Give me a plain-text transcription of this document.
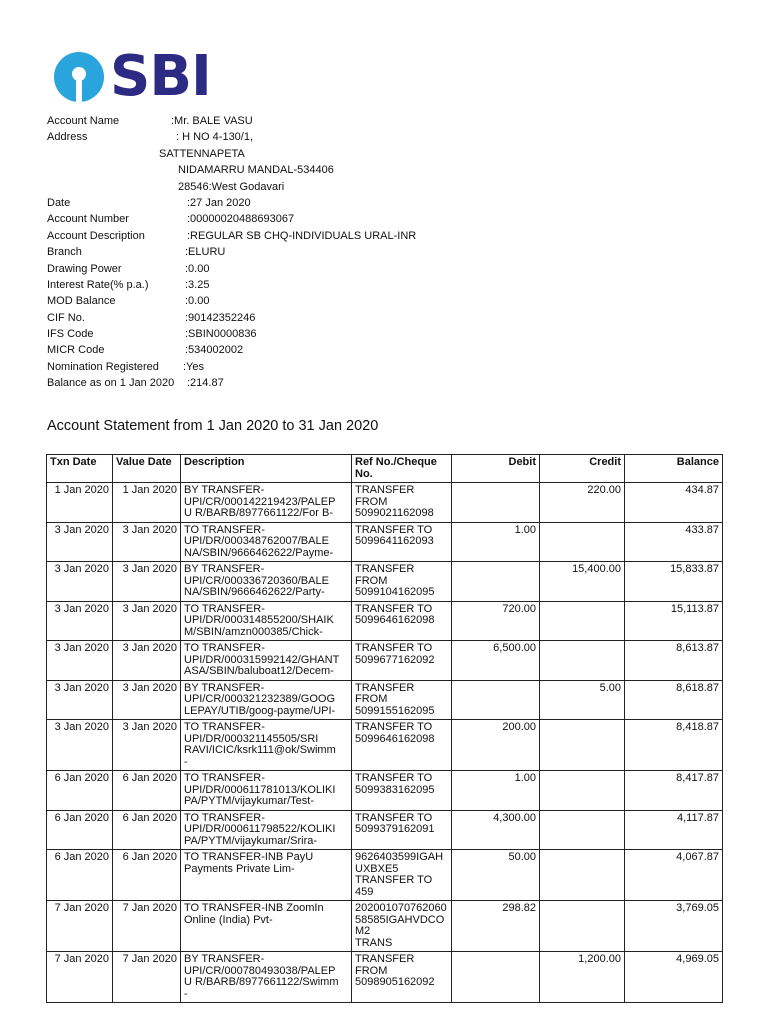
SBI
Account Name	:Mr. BALE VASU
Address	: H NO 4-130/1,
SATTENNAPETA
NIDAMARRU MANDAL-534406
28546:West Godavari
Date	:27 Jan 2020
Account Number	:00000020488693067
Account Description	:REGULAR SB CHQ-INDIVIDUALS URAL-INR
Branch	:ELURU
Drawing Power	:0.00
Interest Rate(% p.a.)	:3.25
MOD Balance	:0.00
CIF No.	:90142352246
IFS Code	:SBIN0000836
MICR Code	:534002002
Nomination Registered :Yes
Balance as on 1 Jan 2020 :214.87
Account Statement from 1 Jan 2020 to 31 Jan 2020
Txn Date	Value Date	Description	Ref No./Cheque No.	Debit	Credit	Balance
1 Jan 2020	1 Jan 2020	BY TRANSFER-
UPI/CR/000142219423/PALEP
U R/BARB/8977661122/For B-	TRANSFER
FROM
5099021162098		220.00	434.87
3 Jan 2020	3 Jan 2020	TO TRANSFER-
UPI/DR/000348762007/BALE
NA/SBIN/9666462622/Payme-	TRANSFER TO
5099641162093	1.00		433.87
3 Jan 2020	3 Jan 2020	BY TRANSFER-
UPI/CR/000336720360/BALE
NA/SBIN/9666462622/Party-	TRANSFER
FROM
5099104162095		15,400.00	15,833.87
3 Jan 2020	3 Jan 2020	TO TRANSFER-
UPI/DR/000314855200/SHAIK
M/SBIN/amzn000385/Chick-	TRANSFER TO
5099646162098	720.00		15,113.87
3 Jan 2020	3 Jan 2020	TO TRANSFER-
UPI/DR/000315992142/GHANT
ASA/SBIN/baluboat12/Decem-	TRANSFER TO
5099677162092	6,500.00		8,613.87
3 Jan 2020	3 Jan 2020	BY TRANSFER-
UPI/CR/000321232389/GOOG
LEPAY/UTIB/goog-payme/UPI-	TRANSFER
FROM
5099155162095		5.00	8,618.87
3 Jan 2020	3 Jan 2020	TO TRANSFER-
UPI/DR/000321145505/SRI
RAVI/ICIC/ksrk111@ok/Swimm
-	TRANSFER TO
5099646162098	200.00		8,418.87
6 Jan 2020	6 Jan 2020	TO TRANSFER-
UPI/DR/000611781013/KOLIKI
PA/PYTM/vijaykumar/Test-	TRANSFER TO
5099383162095	1.00		8,417.87
6 Jan 2020	6 Jan 2020	TO TRANSFER-
UPI/DR/000611798522/KOLIKI
PA/PYTM/vijaykumar/Srira-	TRANSFER TO
5099379162091	4,300.00		4,117.87
6 Jan 2020	6 Jan 2020	TO TRANSFER-INB PayU
Payments Private Lim-	9626403599IGAH
UXBXE5
TRANSFER TO
459	50.00		4,067.87
7 Jan 2020	7 Jan 2020	TO TRANSFER-INB ZoomIn
Online (India) Pvt-	202001070762060
58585IGAHVDCO
M2
TRANS	298.82		3,769.05
7 Jan 2020	7 Jan 2020	BY TRANSFER-
UPI/CR/000780493038/PALEP
U R/BARB/8977661122/Swimm
-	TRANSFER
FROM
5098905162092		1,200.00	4,969.05
